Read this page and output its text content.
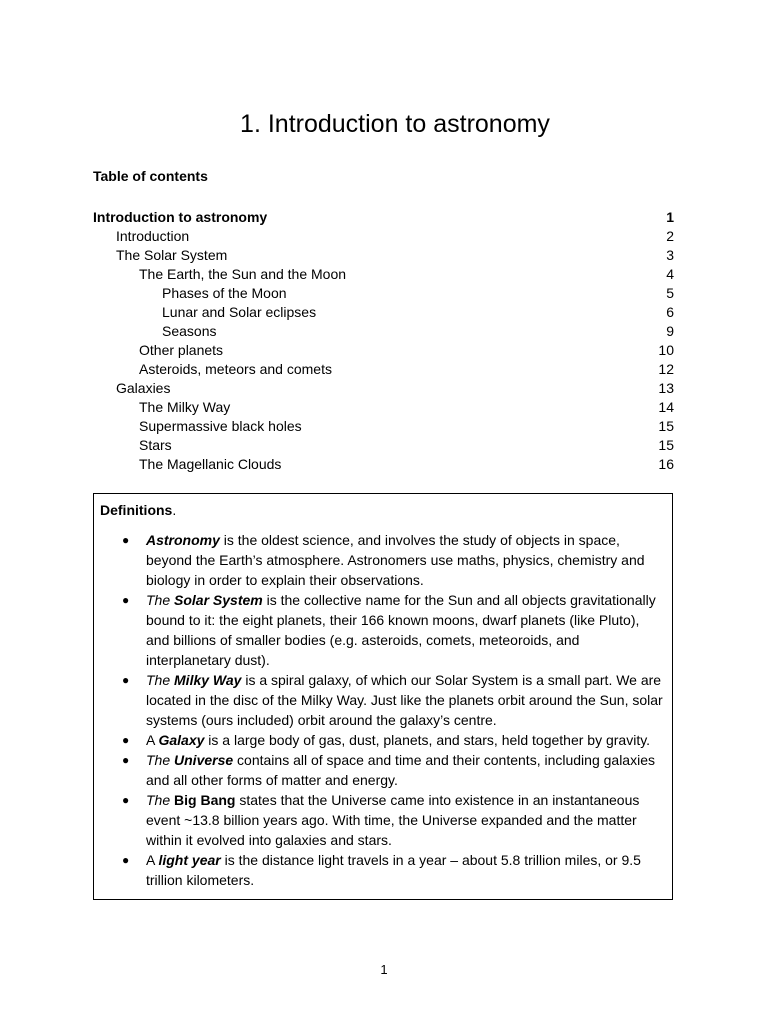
1. Introduction to astronomy
Table of contents
Introduction to astronomy	1
Introduction	2
The Solar System	3
The Earth, the Sun and the Moon	4
Phases of the Moon	5
Lunar and Solar eclipses	6
Seasons	9
Other planets	10
Asteroids, meteors and comets	12
Galaxies	13
The Milky Way	14
Supermassive black holes	15
Stars	15
The Magellanic Clouds	16
Definitions.
● Astronomy is the oldest science, and involves the study of objects in space, beyond the Earth’s atmosphere. Astronomers use maths, physics, chemistry and biology in order to explain their observations.
● The Solar System is the collective name for the Sun and all objects gravitationally bound to it: the eight planets, their 166 known moons, dwarf planets (like Pluto), and billions of smaller bodies (e.g. asteroids, comets, meteoroids, and interplanetary dust).
● The Milky Way is a spiral galaxy, of which our Solar System is a small part. We are located in the disc of the Milky Way. Just like the planets orbit around the Sun, solar systems (ours included) orbit around the galaxy’s centre.
● A Galaxy is a large body of gas, dust, planets, and stars, held together by gravity.
● The Universe contains all of space and time and their contents, including galaxies and all other forms of matter and energy.
● The Big Bang states that the Universe came into existence in an instantaneous event ~13.8 billion years ago. With time, the Universe expanded and the matter within it evolved into galaxies and stars.
● A light year is the distance light travels in a year – about 5.8 trillion miles, or 9.5 trillion kilometers.
1
